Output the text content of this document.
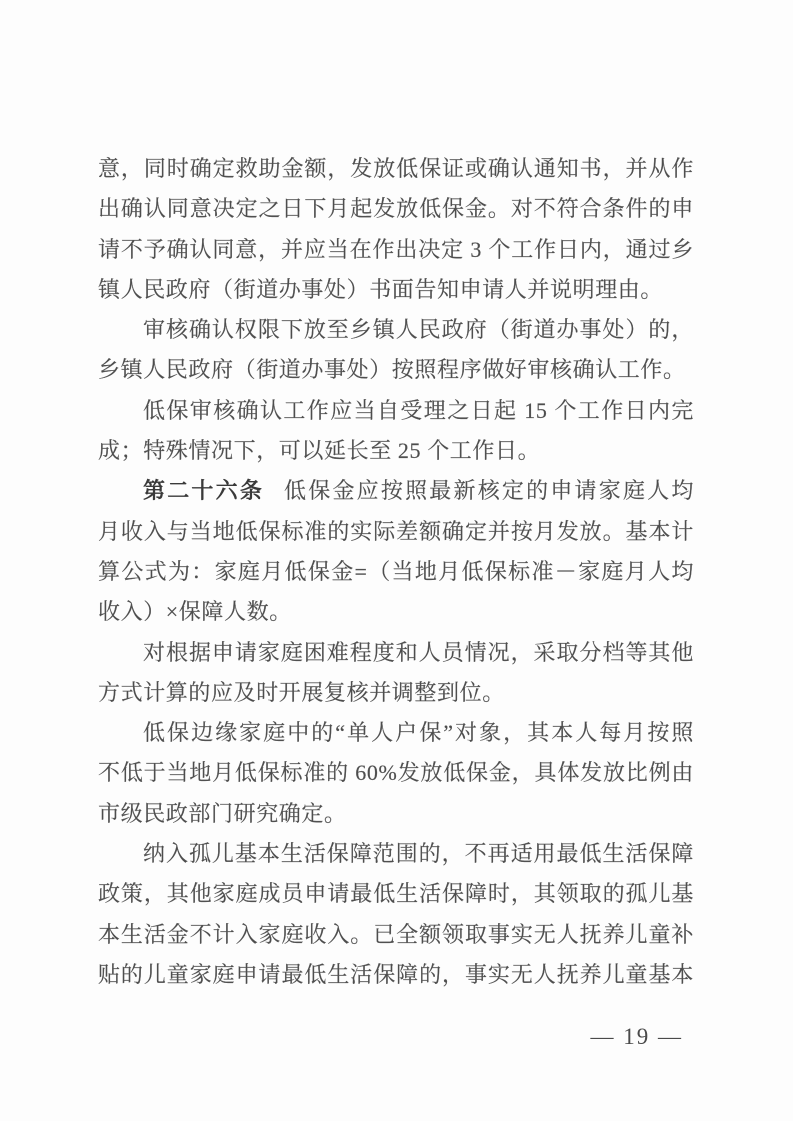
意，同时确定救助金额，发放低保证或确认通知书，并从作

出确认同意决定之日下月起发放低保金。对不符合条件的申

请不予确认同意，并应当在作出决定 3 个工作日内，通过乡

镇人民政府（街道办事处）书面告知申请人并说明理由。

审核确认权限下放至乡镇人民政府（街道办事处）的，

乡镇人民政府（街道办事处）按照程序做好审核确认工作。

低保审核确认工作应当自受理之日起 15 个工作日内完

成；特殊情况下，可以延长至 25 个工作日。

第二十六条 低保金应按照最新核定的申请家庭人均

月收入与当地低保标准的实际差额确定并按月发放。基本计

算公式为：家庭月低保金=（当地月低保标准－家庭月人均

收入）×保障人数。

对根据申请家庭困难程度和人员情况，采取分档等其他

方式计算的应及时开展复核并调整到位。

低保边缘家庭中的“单人户保”对象，其本人每月按照

不低于当地月低保标准的 60%发放低保金，具体发放比例由

市级民政部门研究确定。

纳入孤儿基本生活保障范围的，不再适用最低生活保障

政策，其他家庭成员申请最低生活保障时，其领取的孤儿基

本生活金不计入家庭收入。已全额领取事实无人抚养儿童补

贴的儿童家庭申请最低生活保障的，事实无人抚养儿童基本

— 19 —
